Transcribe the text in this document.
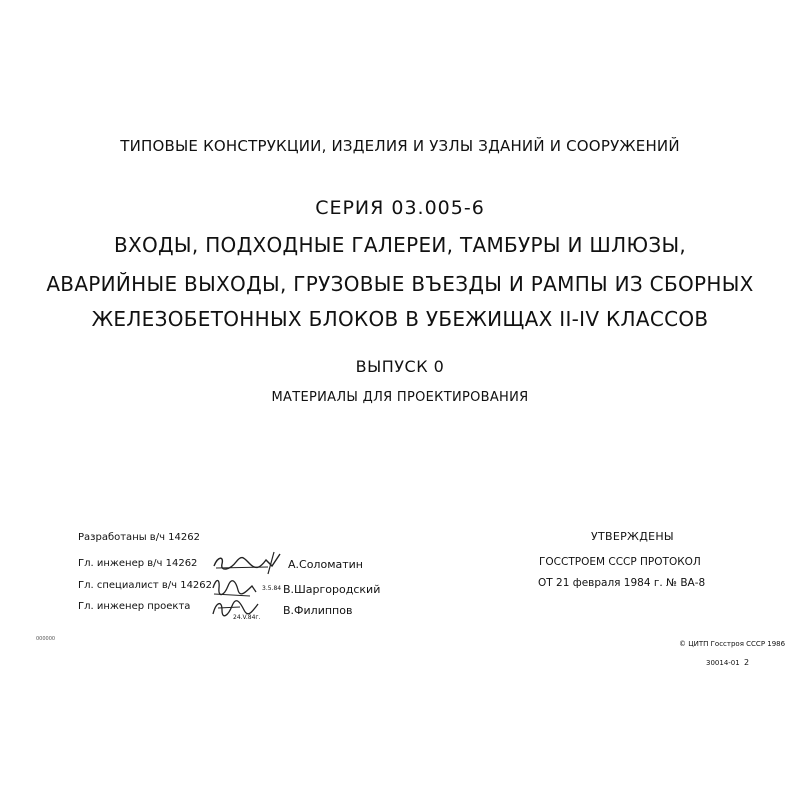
ТИПОВЫЕ КОНСТРУКЦИИ, ИЗДЕЛИЯ И УЗЛЫ ЗДАНИЙ И СООРУЖЕНИЙ
СЕРИЯ 03.005-6
ВХОДЫ, ПОДХОДНЫЕ ГАЛЕРЕИ, ТАМБУРЫ И ШЛЮЗЫ,
АВАРИЙНЫЕ ВЫХОДЫ, ГРУЗОВЫЕ ВЪЕЗДЫ И РАМПЫ ИЗ СБОРНЫХ
ЖЕЛЕЗОБЕТОННЫХ БЛОКОВ В УБЕЖИЩАХ II-IV КЛАССОВ
ВЫПУСК 0
МАТЕРИАЛЫ ДЛЯ ПРОЕКТИРОВАНИЯ
Разработаны в/ч 14262
Гл. инженер в/ч 14262	А.Соломатин
Гл. специалист в/ч 14262	3.5.84 В.Шаргородский
Гл. инженер проекта
24.V.84г.
В.Филиппов
УТВЕРЖДЕНЫ
ГОССТРОЕМ СССР ПРОТОКОЛ
ОТ 21 февраля 1984 г. № ВА-8
000000
© ЦИТП Госстроя СССР 1986
30014-01 2
